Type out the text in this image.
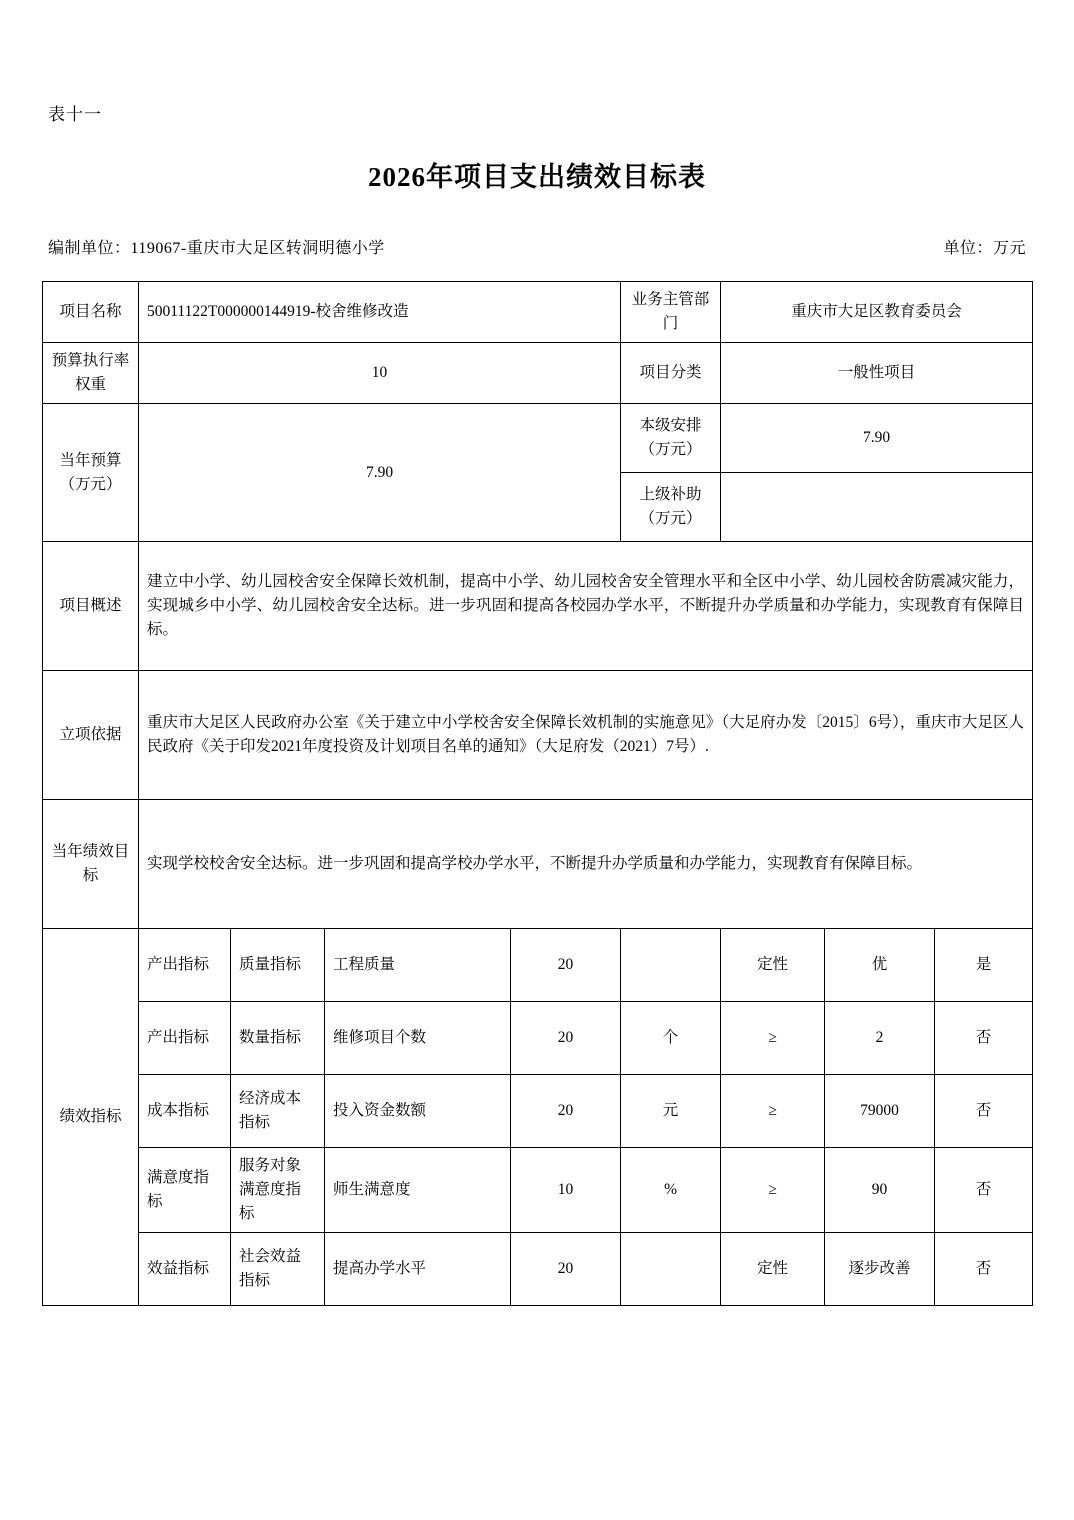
表十一
2026年项目支出绩效目标表
编制单位：119067-重庆市大足区转洞明德小学	单位：万元
项目名称	50011122T000000144919-校舍维修改造				业务主管部门	重庆市大足区教育委员会		
预算执行率权重	10				项目分类	一般性项目		
当年预算（万元）	7.90				本级安排（万元）	7.90		
					上级补助（万元）			
项目概述	建立中小学、幼儿园校舍安全保障长效机制，提高中小学、幼儿园校舍安全管理水平和全区中小学、幼儿园校舍防震减灾能力，实现城乡中小学、幼儿园校舍安全达标。进一步巩固和提高各校园办学水平，不断提升办学质量和办学能力，实现教育有保障目标。							
立项依据	重庆市大足区人民政府办公室《关于建立中小学校舍安全保障长效机制的实施意见》（大足府办发〔2015〕6号），重庆市大足区人民政府《关于印发2021年度投资及计划项目名单的通知》（大足府发（2021）7号）.							
当年绩效目标	实现学校校舍安全达标。进一步巩固和提高学校办学水平，不断提升办学质量和办学能力，实现教育有保障目标。							
绩效指标	产出指标	质量指标	工程质量	20		定性	优	是
	产出指标	数量指标	维修项目个数	20	个	≥	2	否
	成本指标	经济成本指标	投入资金数额	20	元	≥	79000	否
	满意度指标	服务对象满意度指标	师生满意度	10	%	≥	90	否
	效益指标	社会效益指标	提高办学水平	20		定性	逐步改善	否
